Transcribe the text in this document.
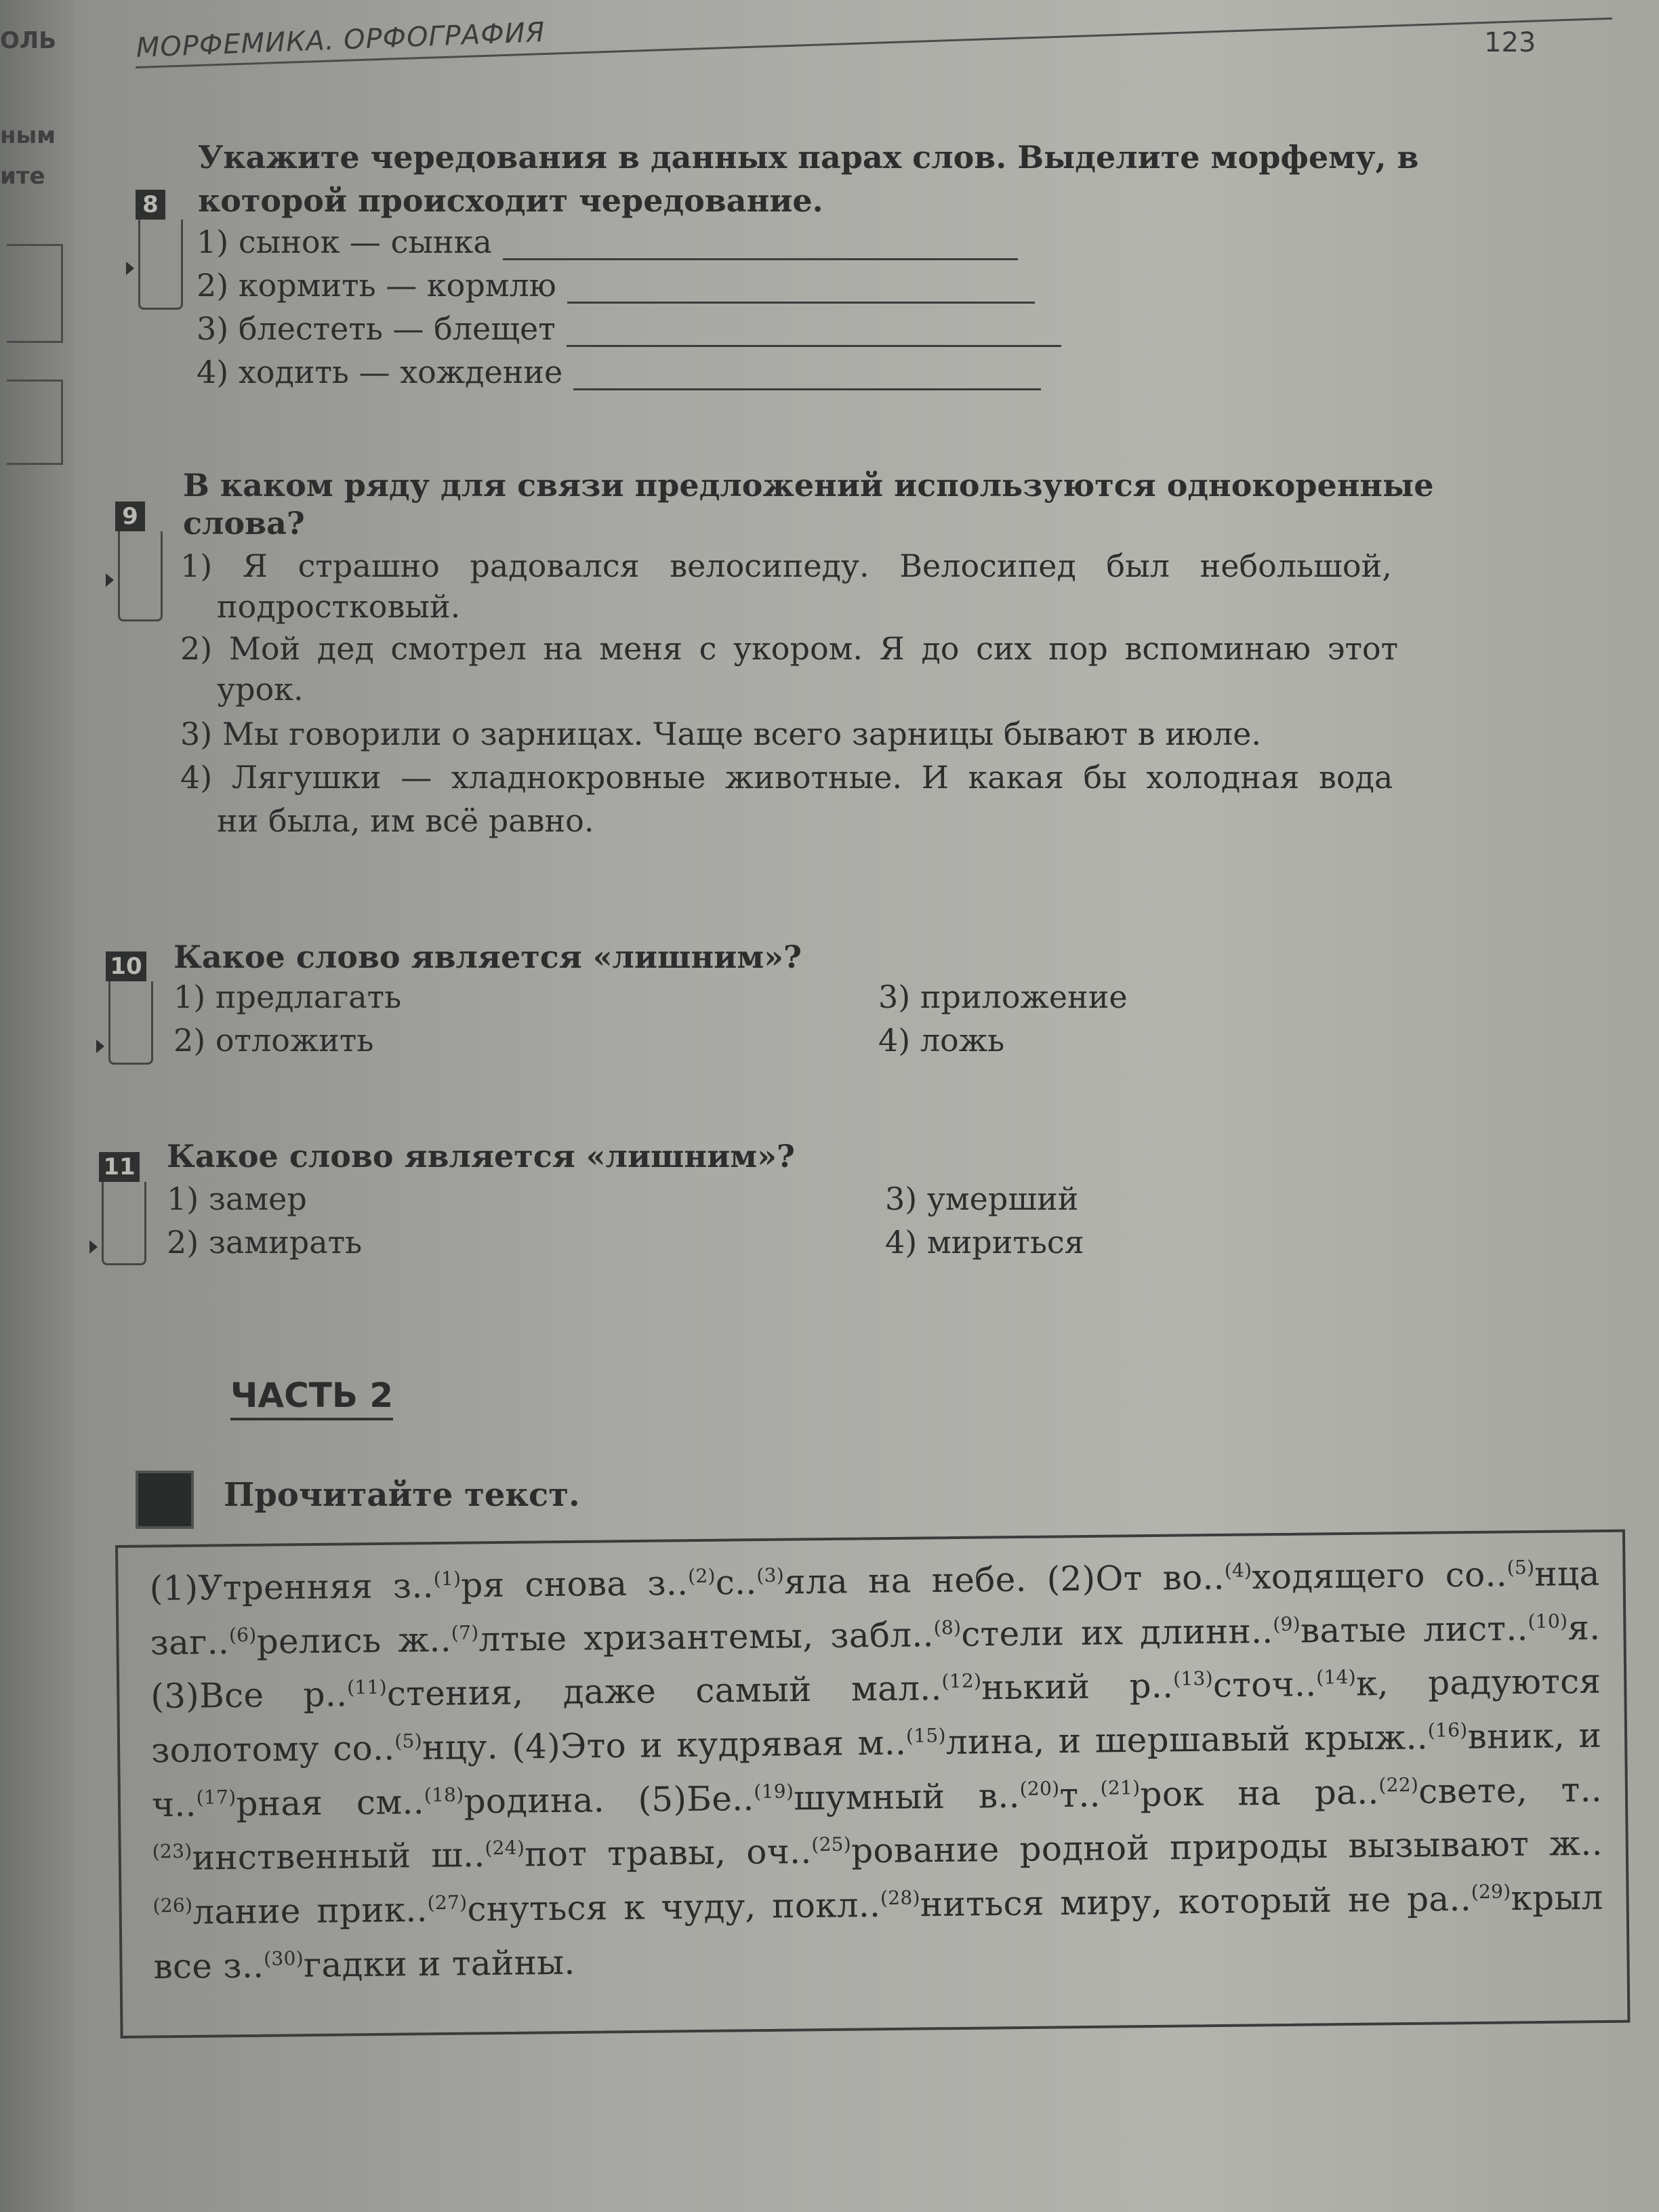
ОЛЬ
ным
ите
МОРФЕМИКА. ОРФОГРАФИЯ	123
8
Укажите чередования в данных парах слов. Выделите морфему, в
которой происходит чередование.
1) сынок — сынка
2) кормить — кормлю
3) блестеть — блещет
4) ходить — хождение
9
В каком ряду для связи предложений используются однокоренные
слова?
1) Я страшно радовался велосипеду. Велосипед был небольшой,
подростковый.
2) Мой дед смотрел на меня с укором. Я до сих пор вспоминаю этот
урок.
3) Мы говорили о зарницах. Чаще всего зарницы бывают в июле.
4) Лягушки — хладнокровные животные. И какая бы холодная вода
ни была, им всё равно.
10 Какое слово является «лишним»?
1) предлагать
2) отложить
3) приложение
4) ложь
11 Какое слово является «лишним»?
1) замер
2) замирать
3) умерший
4) мириться
ЧАСТЬ 2
Прочитайте текст.

(1)Утренняя з..$^{(1)}$ря снова з..$^{(2)}$с..$^{(3)}$яла на небе. (2)От во..$^{(4)}$ходящего со..$^{(5)}$нца заг..$^{(6)}$релись ж..$^{(7)}$лтые хризантемы, забл..$^{(8)}$стели их длинн..$^{(9)}$ватые лист..$^{(10)}$я. (3)Все р..$^{(11)}$стения, даже самый мал..$^{(12)}$нький р..$^{(13)}$сточ..$^{(14)}$к, радуются золотому со..$^{(5)}$нцу. (4)Это и кудрявая м..$^{(15)}$лина, и шершавый крыж..$^{(16)}$вник, и ч..$^{(17)}$рная см..$^{(18)}$родина. (5)Бе..$^{(19)}$шумный в..$^{(20)}$т..$^{(21)}$рок на ра..$^{(22)}$свете, т..$^{(23)}$инственный ш..$^{(24)}$пот травы, оч..$^{(25)}$рование родной природы вызывают ж..$^{(26)}$лание прик..$^{(27)}$снуться к чуду, покл..$^{(28)}$ниться миру, который не ра..$^{(29)}$крыл все з..$^{(30)}$гадки и тайны.
